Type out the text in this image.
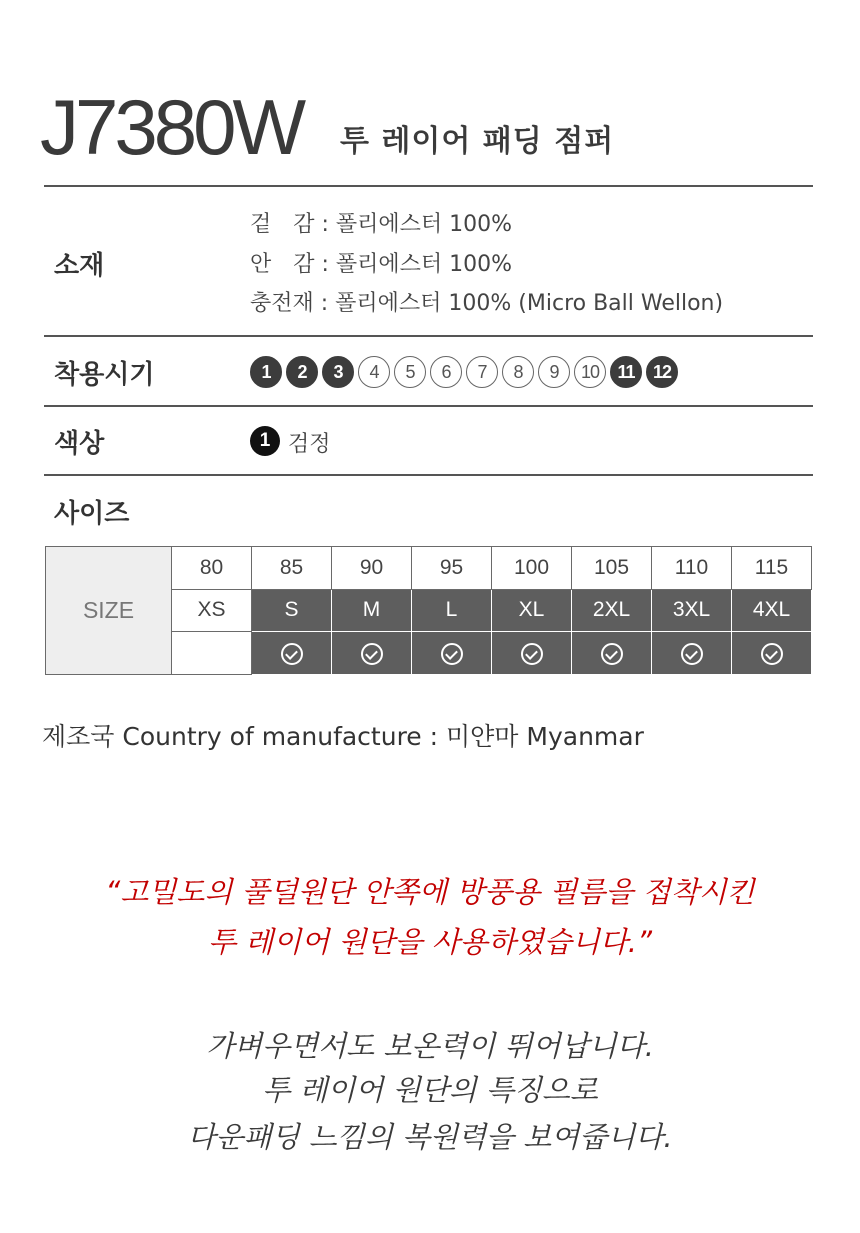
J7380W 투 레이어 패딩 점퍼
소재
겉　감 : 폴리에스터 100%
안　감 : 폴리에스터 100%
충전재 : 폴리에스터 100% (Micro Ball Wellon)
착용시기	1	2	3	4	5	6	7	8	9	10	11	12
색상	1 검정
사이즈
SIZE	80	85	90	95	100	105	110	115
	XS	S	M	L	XL	2XL	3XL	4XL

제조국 Country of manufacture : 미얀마 Myanmar
“고밀도의 풀덜원단 안쪽에 방풍용 필름을 접착시킨
투 레이어 원단을 사용하였습니다.”
가벼우면서도 보온력이 뛰어납니다.
투 레이어 원단의 특징으로
다운패딩 느낌의 복원력을 보여줍니다.
